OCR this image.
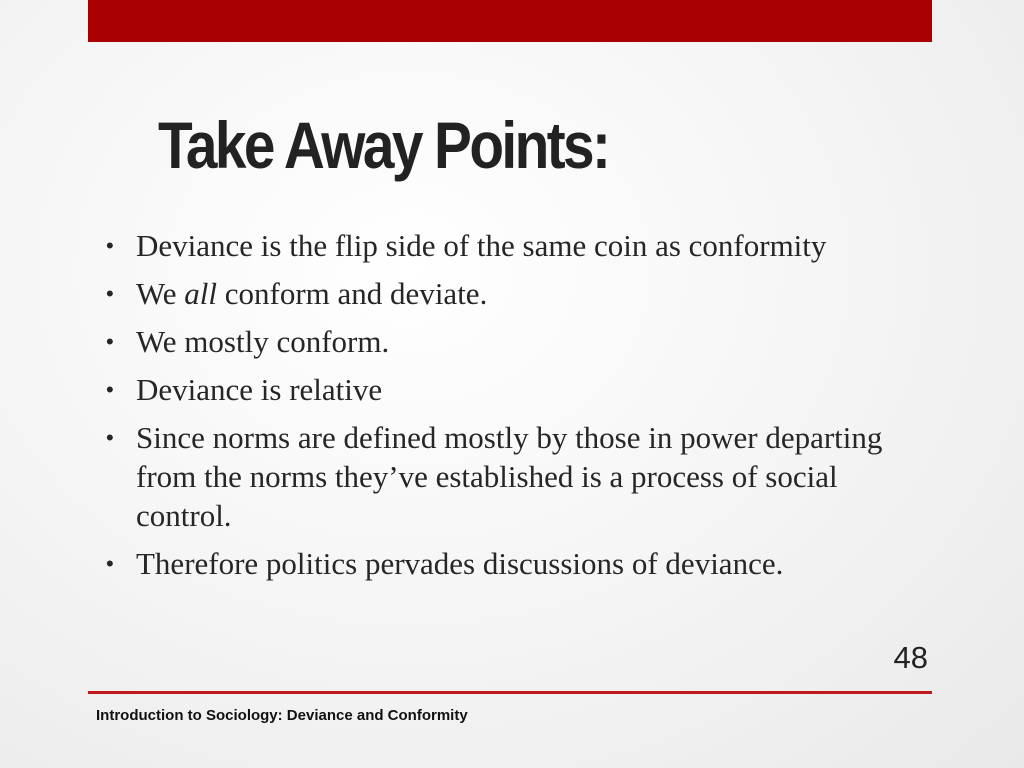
Take Away Points:
• Deviance is the flip side of the same coin as conformity
• We all conform and deviate.
• We mostly conform.
• Deviance is relative
• Since norms are defined mostly by those in power departing from the norms they’ve established is a process of social control.
• Therefore politics pervades discussions of deviance.
48
Introduction to Sociology: Deviance and Conformity
